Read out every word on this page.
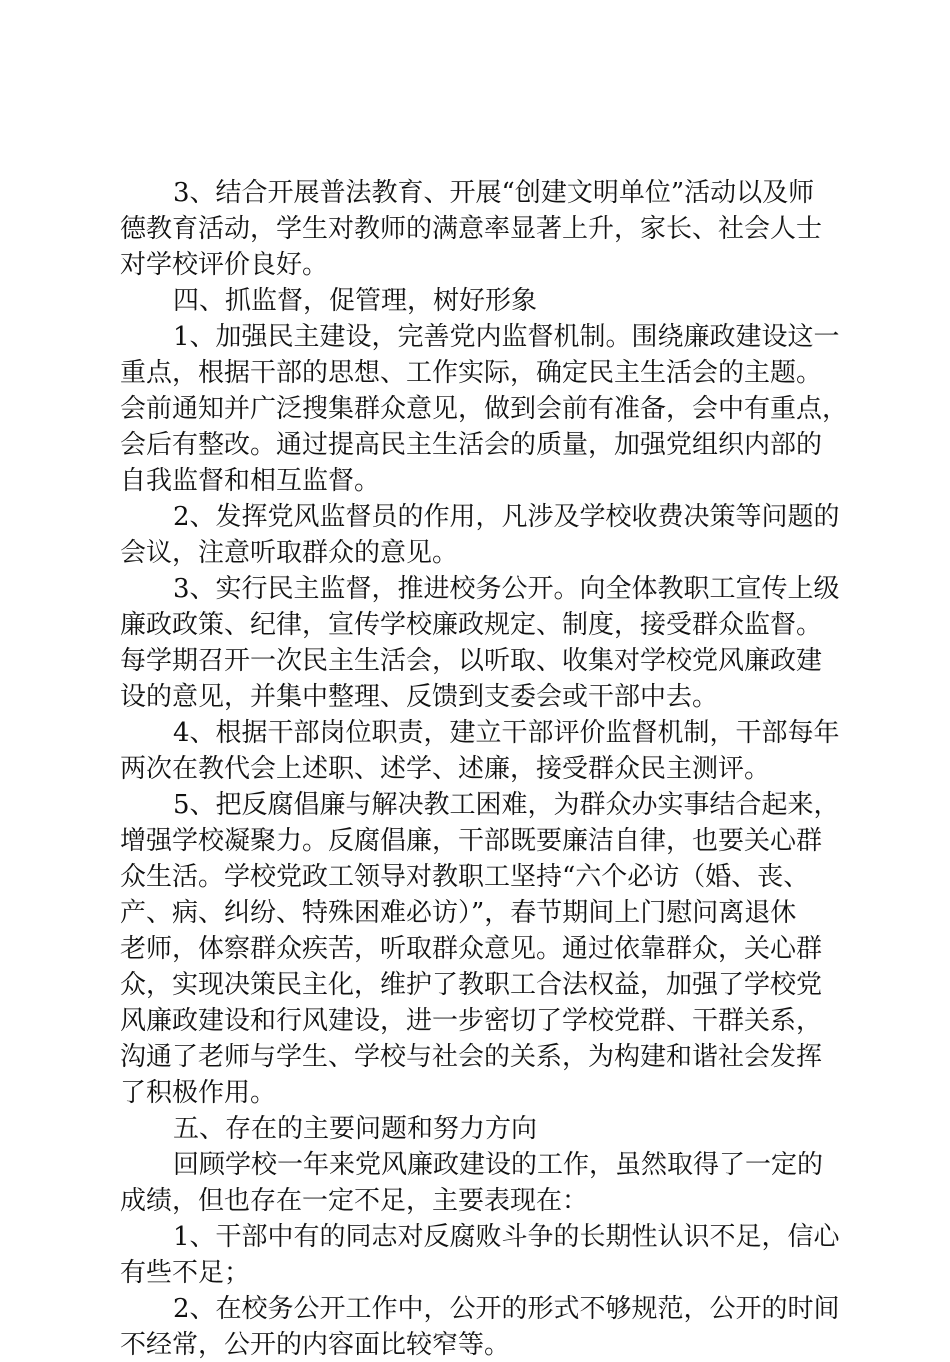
3、结合开展普法教育、开展“创建文明单位”活动以及师
德教育活动，学生对教师的满意率显著上升，家长、社会人士
对学校评价良好。
四、抓监督，促管理，树好形象
1、加强民主建设，完善党内监督机制。围绕廉政建设这一
重点，根据干部的思想、工作实际，确定民主生活会的主题。
会前通知并广泛搜集群众意见，做到会前有准备，会中有重点，
会后有整改。通过提高民主生活会的质量，加强党组织内部的
自我监督和相互监督。
2、发挥党风监督员的作用，凡涉及学校收费决策等问题的
会议，注意听取群众的意见。
3、实行民主监督，推进校务公开。向全体教职工宣传上级
廉政政策、纪律，宣传学校廉政规定、制度，接受群众监督。
每学期召开一次民主生活会，以听取、收集对学校党风廉政建
设的意见，并集中整理、反馈到支委会或干部中去。
4、根据干部岗位职责，建立干部评价监督机制，干部每年
两次在教代会上述职、述学、述廉，接受群众民主测评。
5、把反腐倡廉与解决教工困难，为群众办实事结合起来，
增强学校凝聚力。反腐倡廉，干部既要廉洁自律，也要关心群
众生活。学校党政工领导对教职工坚持“六个必访（婚、丧、
产、病、纠纷、特殊困难必访）”，春节期间上门慰问离退休
老师，体察群众疾苦，听取群众意见。通过依靠群众，关心群
众，实现决策民主化，维护了教职工合法权益，加强了学校党
风廉政建设和行风建设，进一步密切了学校党群、干群关系，
沟通了老师与学生、学校与社会的关系，为构建和谐社会发挥
了积极作用。
五、存在的主要问题和努力方向
回顾学校一年来党风廉政建设的工作，虽然取得了一定的
成绩，但也存在一定不足，主要表现在：
1、干部中有的同志对反腐败斗争的长期性认识不足，信心
有些不足；
2、在校务公开工作中，公开的形式不够规范，公开的时间
不经常，公开的内容面比较窄等。
